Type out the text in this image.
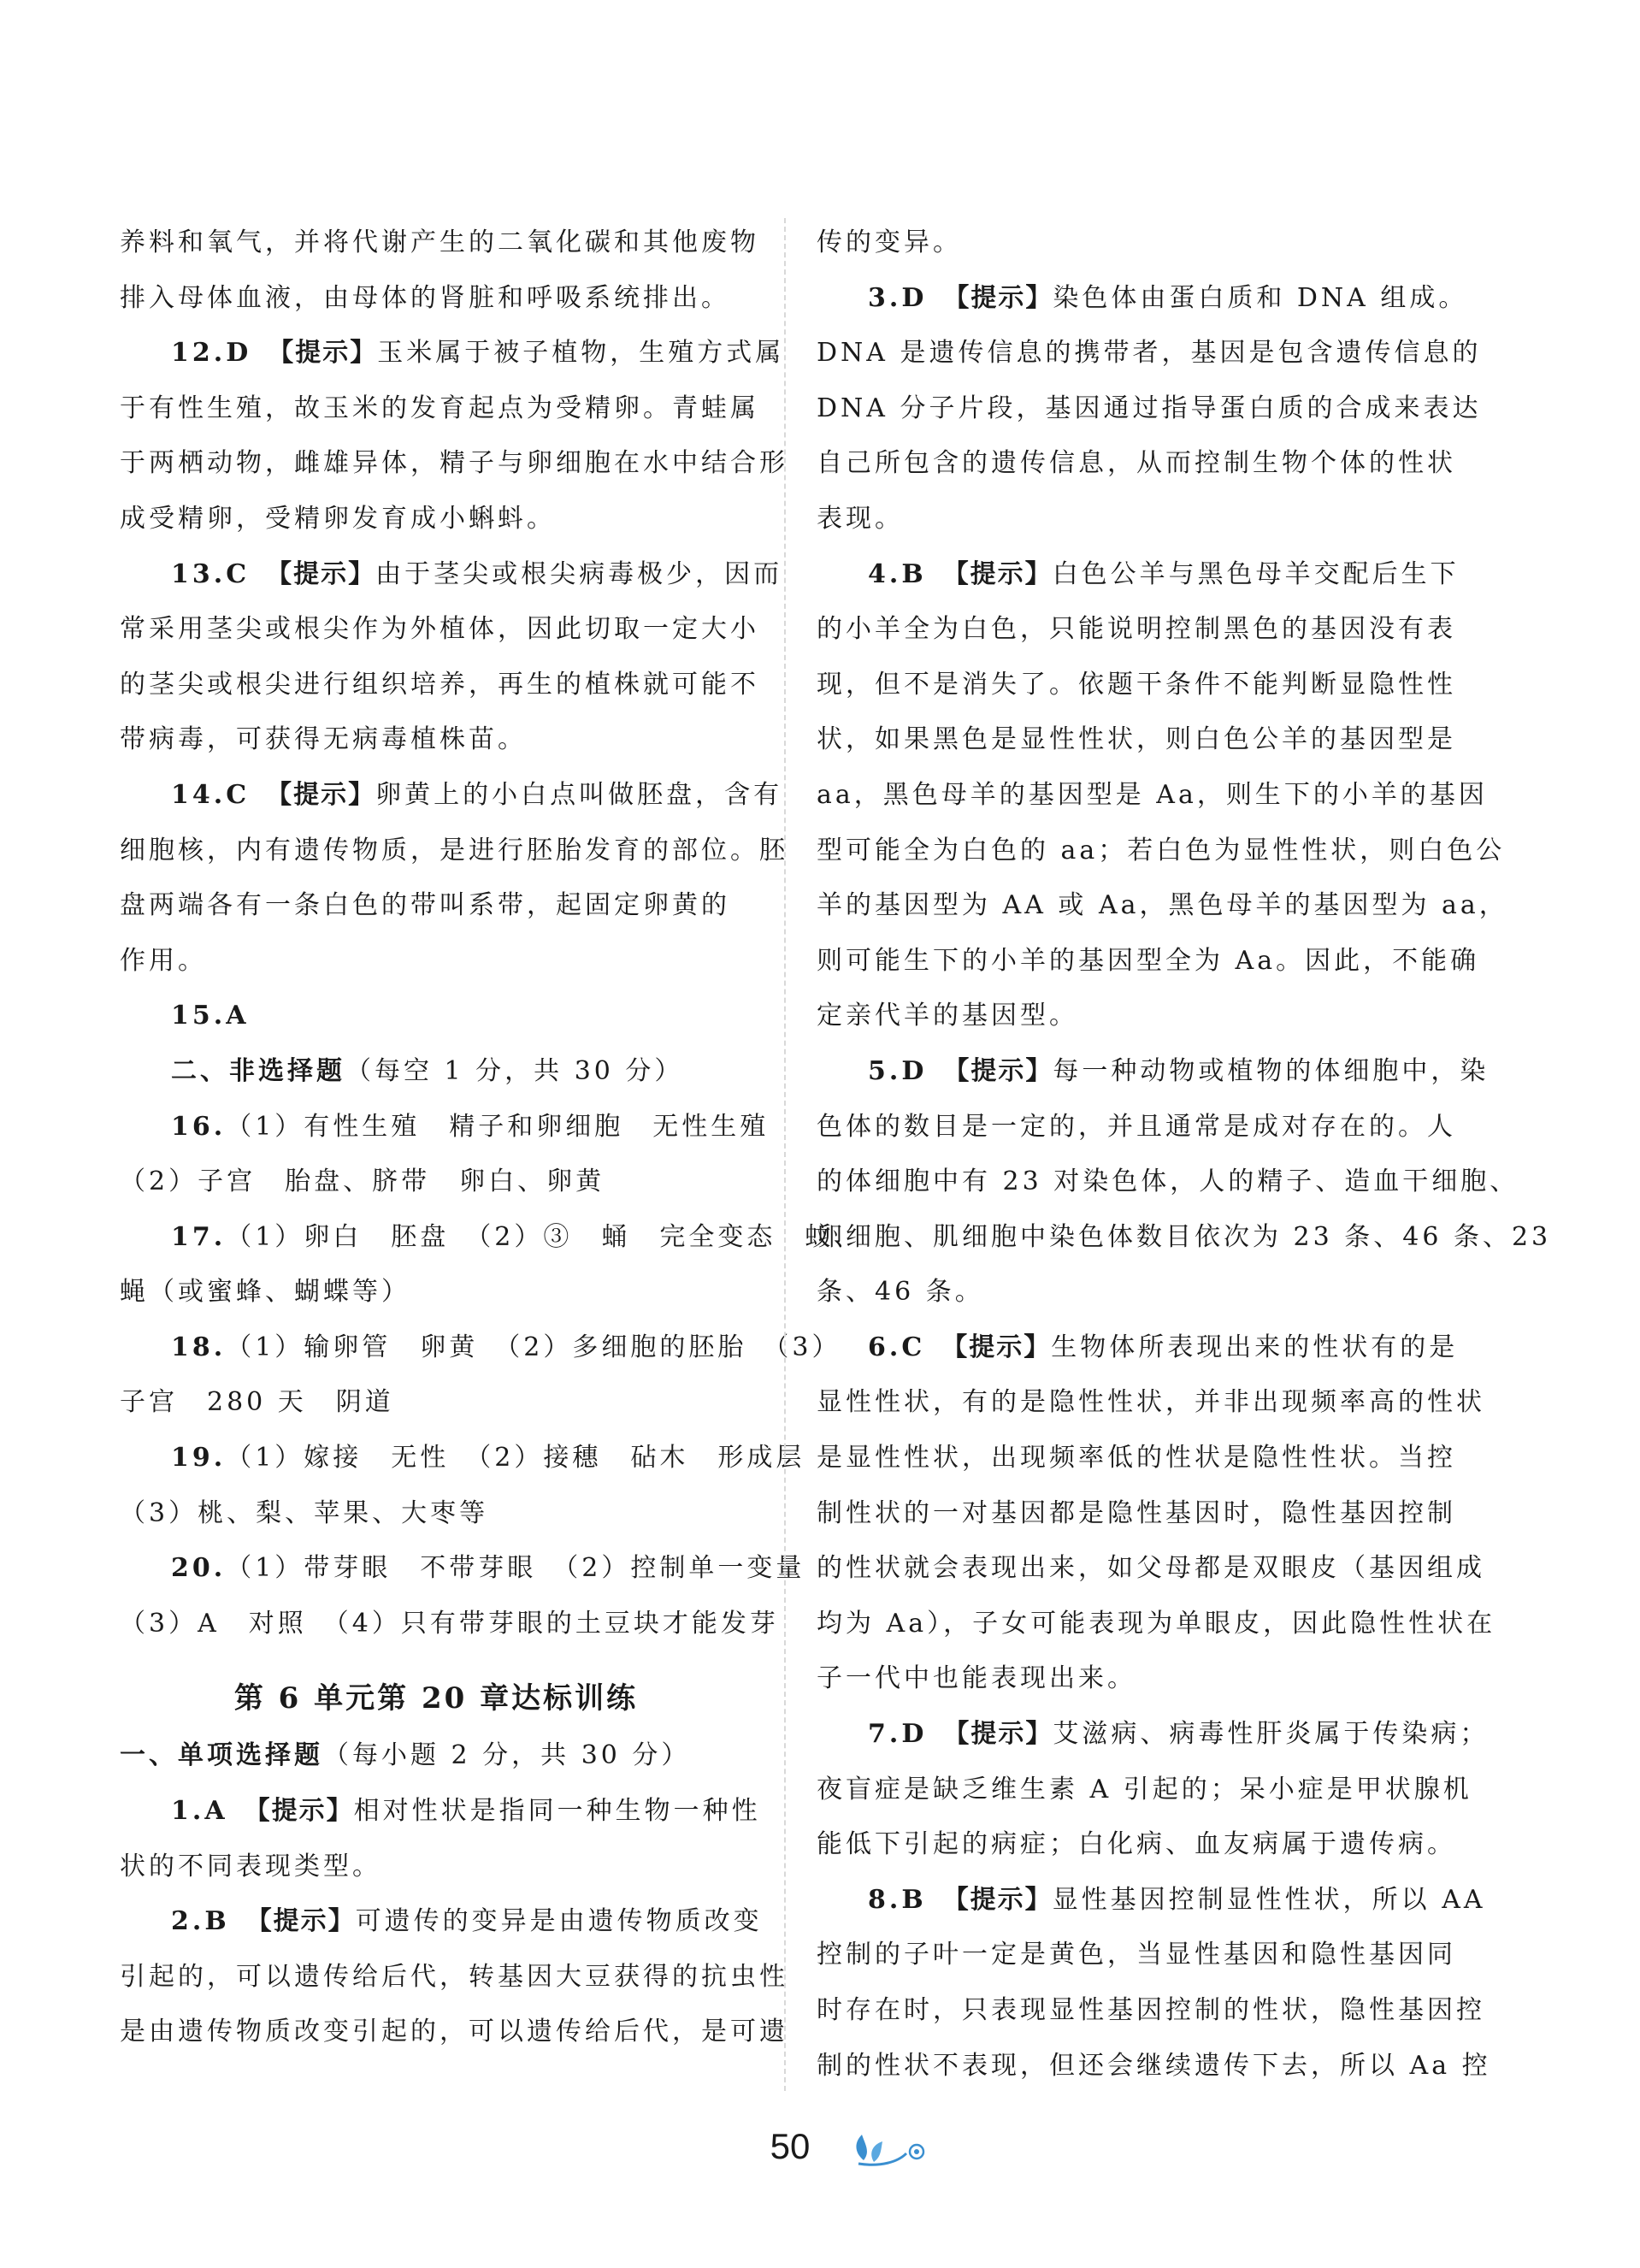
养料和氧气，并将代谢产生的二氧化碳和其他废物
排入母体血液，由母体的肾脏和呼吸系统排出。
12.D  【提示】玉米属于被子植物，生殖方式属
于有性生殖，故玉米的发育起点为受精卵。青蛙属
于两栖动物，雌雄异体，精子与卵细胞在水中结合形
成受精卵，受精卵发育成小蝌蚪。
13.C  【提示】由于茎尖或根尖病毒极少，因而
常采用茎尖或根尖作为外植体，因此切取一定大小
的茎尖或根尖进行组织培养，再生的植株就可能不
带病毒，可获得无病毒植株苗。
14.C  【提示】卵黄上的小白点叫做胚盘，含有
细胞核，内有遗传物质，是进行胚胎发育的部位。胚
盘两端各有一条白色的带叫系带，起固定卵黄的
作用。
15.A
二、非选择题（每空 1 分，共 30 分）
16.（1）有性生殖　精子和卵细胞　无性生殖
（2）子宫　胎盘、脐带　卵白、卵黄
17.（1）卵白　胚盘　（2）③　蛹　完全变态　蚊、
蝇（或蜜蜂、蝴蝶等）
18.（1）输卵管　卵黄　（2）多细胞的胚胎　（3）
子宫　280 天　阴道
19.（1）嫁接　无性　（2）接穗　砧木　形成层
（3）桃、梨、苹果、大枣等
20.（1）带芽眼　不带芽眼　（2）控制单一变量
（3）A　对照　（4）只有带芽眼的土豆块才能发芽
第 6 单元第 20 章达标训练
一、单项选择题（每小题 2 分，共 30 分）
1.A  【提示】相对性状是指同一种生物一种性
状的不同表现类型。
2.B  【提示】可遗传的变异是由遗传物质改变
引起的，可以遗传给后代，转基因大豆获得的抗虫性
是由遗传物质改变引起的，可以遗传给后代，是可遗
传的变异。
3.D  【提示】染色体由蛋白质和 DNA 组成。
DNA 是遗传信息的携带者，基因是包含遗传信息的
DNA 分子片段，基因通过指导蛋白质的合成来表达
自己所包含的遗传信息，从而控制生物个体的性状
表现。
4.B  【提示】白色公羊与黑色母羊交配后生下
的小羊全为白色，只能说明控制黑色的基因没有表
现，但不是消失了。依题干条件不能判断显隐性性
状，如果黑色是显性性状，则白色公羊的基因型是
aa，黑色母羊的基因型是 Aa，则生下的小羊的基因
型可能全为白色的 aa；若白色为显性性状，则白色公
羊的基因型为 AA 或 Aa，黑色母羊的基因型为 aa，
则可能生下的小羊的基因型全为 Aa。因此，不能确
定亲代羊的基因型。
5.D  【提示】每一种动物或植物的体细胞中，染
色体的数目是一定的，并且通常是成对存在的。人
的体细胞中有 23 对染色体，人的精子、造血干细胞、
卵细胞、肌细胞中染色体数目依次为 23 条、46 条、23
条、46 条。
6.C  【提示】生物体所表现出来的性状有的是
显性性状，有的是隐性性状，并非出现频率高的性状
是显性性状，出现频率低的性状是隐性性状。当控
制性状的一对基因都是隐性基因时，隐性基因控制
的性状就会表现出来，如父母都是双眼皮（基因组成
均为 Aa），子女可能表现为单眼皮，因此隐性性状在
子一代中也能表现出来。
7.D  【提示】艾滋病、病毒性肝炎属于传染病；
夜盲症是缺乏维生素 A 引起的；呆小症是甲状腺机
能低下引起的病症；白化病、血友病属于遗传病。
8.B  【提示】显性基因控制显性性状，所以 AA
控制的子叶一定是黄色，当显性基因和隐性基因同
时存在时，只表现显性基因控制的性状，隐性基因控
制的性状不表现，但还会继续遗传下去，所以 Aa 控
50
